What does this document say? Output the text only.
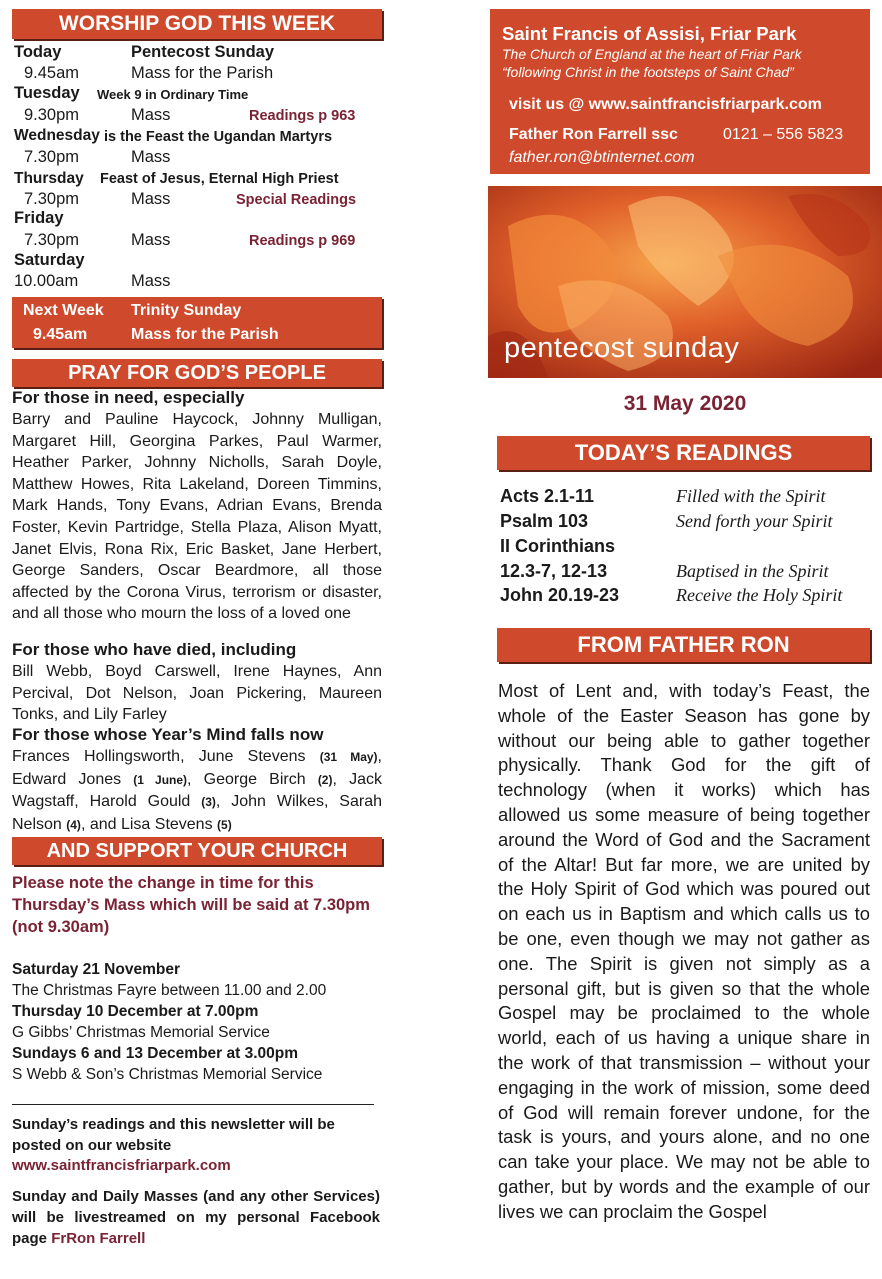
WORSHIP GOD THIS WEEK
Today	Pentecost Sunday
9.45am	Mass for the Parish
Tuesday Week 9 in Ordinary Time
9.30pm	Mass	Readings p 963
Wednesday is the Feast the Ugandan Martyrs
7.30pm	Mass
Thursday Feast of Jesus, Eternal High Priest
7.30pm	Mass	Special Readings
Friday
7.30pm	Mass	Readings p 969
Saturday
10.00am	Mass
Next Week Trinity Sunday
9.45am	Mass for the Parish
PRAY FOR GOD’S PEOPLE
For those in need, especially
Barry and Pauline Haycock, Johnny Mulligan, Margaret Hill, Georgina Parkes, Paul Warmer, Heather Parker, Johnny Nicholls, Sarah Doyle, Matthew Howes, Rita Lakeland, Doreen Timmins, Mark Hands, Tony Evans, Adrian Evans, Brenda Foster, Kevin Partridge, Stella Plaza, Alison Myatt, Janet Elvis, Rona Rix, Eric Basket, Jane Herbert, George Sanders, Oscar Beardmore, all those affected by the Corona Virus, terrorism or disaster, and all those who mourn the loss of a loved one
For those who have died, including
Bill Webb, Boyd Carswell, Irene Haynes, Ann Percival, Dot Nelson, Joan Pickering, Maureen Tonks, and Lily Farley
For those whose Year’s Mind falls now
Frances Hollingsworth, June Stevens (31 May), Edward Jones (1 June), George Birch (2), Jack Wagstaff, Harold Gould (3), John Wilkes, Sarah Nelson (4), and Lisa Stevens (5)
AND SUPPORT YOUR CHURCH
Please note the change in time for this Thursday’s Mass which will be said at 7.30pm (not 9.30am)
Saturday 21 November
The Christmas Fayre between 11.00 and 2.00
Thursday 10 December at 7.00pm
G Gibbs’ Christmas Memorial Service
Sundays 6 and 13 December at 3.00pm
S Webb & Son’s Christmas Memorial Service
Sunday’s readings and this newsletter will be posted on our website
www.saintfrancisfriarpark.com
Sunday and Daily Masses (and any other Services) will be livestreamed on my personal Facebook page FrRon Farrell
Saint Francis of Assisi, Friar Park
The Church of England at the heart of Friar Park
“following Christ in the footsteps of Saint Chad”
visit us @ www.saintfrancisfriarpark.com
Father Ron Farrell ssc	0121 – 556 5823
father.ron@btinternet.com
pentecost sunday
31 May 2020
TODAY’S READINGS
Acts 2.1-11	Filled with the Spirit
Psalm 103	Send forth your Spirit
II Corinthians
12.3-7, 12-13	Baptised in the Spirit
John 20.19-23	Receive the Holy Spirit
FROM FATHER RON
Most of Lent and, with today’s Feast, the whole of the Easter Season has gone by without our being able to gather together physically. Thank God for the gift of technology (when it works) which has allowed us some measure of being together around the Word of God and the Sacrament of the Altar! But far more, we are united by the Holy Spirit of God which was poured out on each us in Baptism and which calls us to be one, even though we may not gather as one. The Spirit is given not simply as a personal gift, but is given so that the whole Gospel may be proclaimed to the whole world, each of us having a unique share in the work of that transmission – without your engaging in the work of mission, some deed of God will remain forever undone, for the task is yours, and yours alone, and no one can take your place. We may not be able to gather, but by words and the example of our lives we can proclaim the Gospel
